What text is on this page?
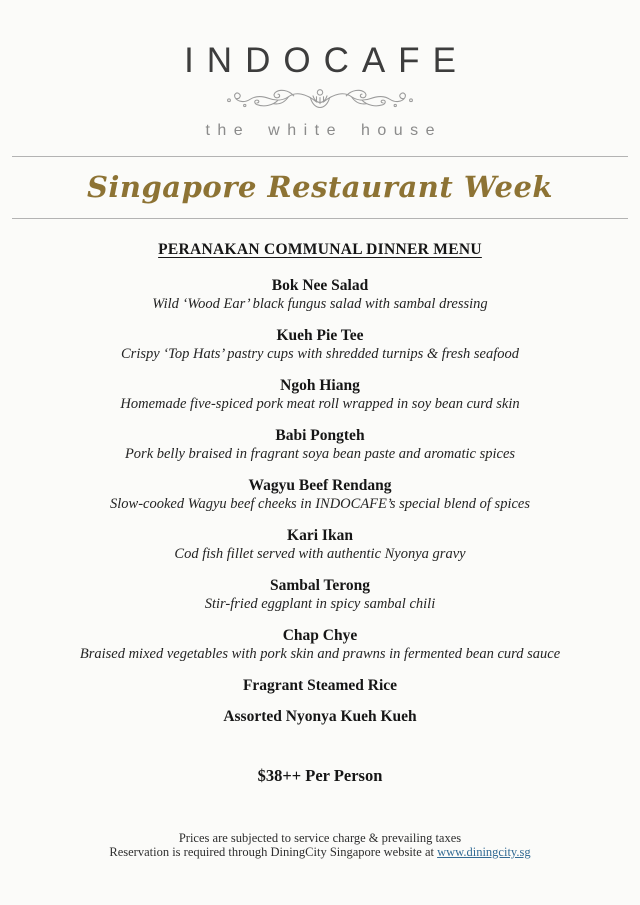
INDOCAFE
the white house
Singapore Restaurant Week
PERANAKAN COMMUNAL DINNER MENU
Bok Nee Salad
Wild ‘Wood Ear’ black fungus salad with sambal dressing
Kueh Pie Tee
Crispy ‘Top Hats’ pastry cups with shredded turnips & fresh seafood
Ngoh Hiang
Homemade five-spiced pork meat roll wrapped in soy bean curd skin
Babi Pongteh
Pork belly braised in fragrant soya bean paste and aromatic spices
Wagyu Beef Rendang
Slow-cooked Wagyu beef cheeks in INDOCAFE’s special blend of spices
Kari Ikan
Cod fish fillet served with authentic Nyonya gravy
Sambal Terong
Stir-fried eggplant in spicy sambal chili
Chap Chye
Braised mixed vegetables with pork skin and prawns in fermented bean curd sauce
Fragrant Steamed Rice
Assorted Nyonya Kueh Kueh
$38++ Per Person
Prices are subjected to service charge & prevailing taxes
Reservation is required through DiningCity Singapore website at www.diningcity.sg
